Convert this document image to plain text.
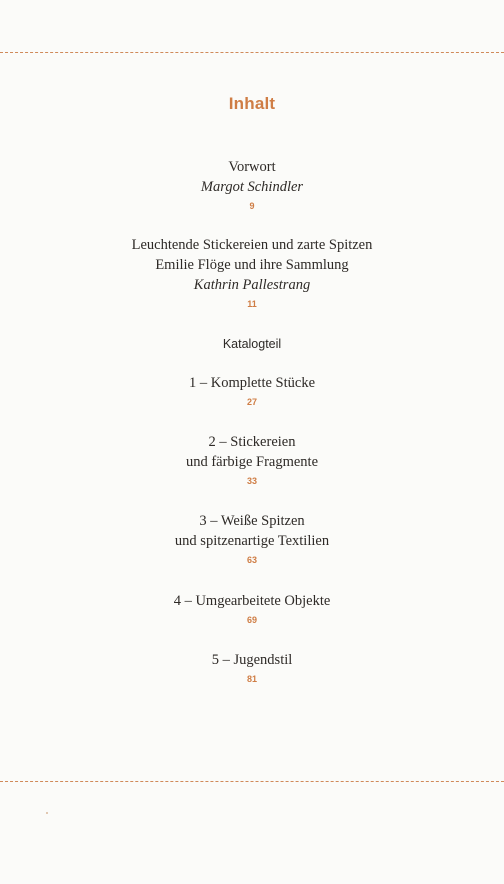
Inhalt
Vorwort
Margot Schindler
9
Leuchtende Stickereien und zarte Spitzen
Emilie Flöge und ihre Sammlung
Kathrin Pallestrang
11
Katalogteil
1 – Komplette Stücke
27
2 – Stickereien
und färbige Fragmente
33
3 – Weiße Spitzen
und spitzenartige Textilien
63
4 – Umgearbeitete Objekte
69
5 – Jugendstil
81
